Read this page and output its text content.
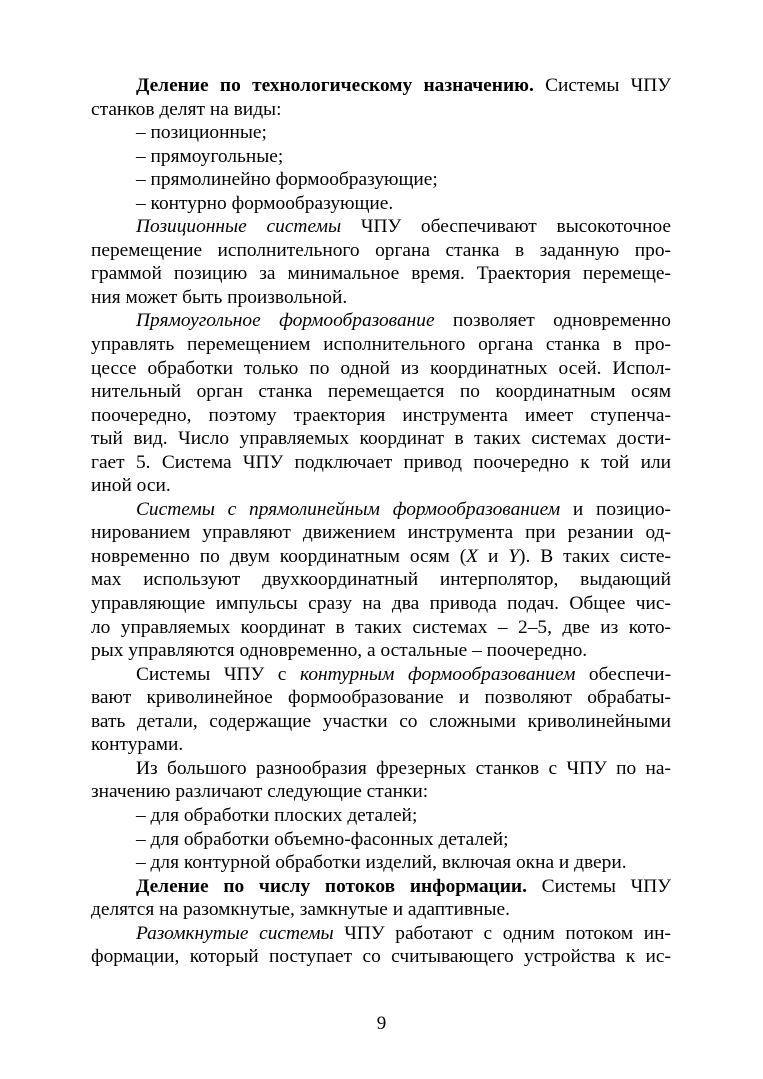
Деление по технологическому назначению. Системы ЧПУ

станков делят на виды:

– позиционные;

– прямоугольные;

– прямолинейно формообразующие;

– контурно формообразующие.

Позиционные системы ЧПУ обеспечивают высокоточное

перемещение исполнительного органа станка в заданную про-

граммой позицию за минимальное время. Траектория перемеще-

ния может быть произвольной.

Прямоугольное формообразование позволяет одновременно

управлять перемещением исполнительного органа станка в про-

цессе обработки только по одной из координатных осей. Испол-

нительный орган станка перемещается по координатным осям

поочередно, поэтому траектория инструмента имеет ступенча-

тый вид. Число управляемых координат в таких системах дости-

гает 5. Система ЧПУ подключает привод поочередно к той или

иной оси.

Системы с прямолинейным формообразованием и позицио-

нированием управляют движением инструмента при резании од-

новременно по двум координатным осям (X и Y). В таких систе-

мах используют двухкоординатный интерполятор, выдающий

управляющие импульсы сразу на два привода подач. Общее чис-

ло управляемых координат в таких системах – 2–5, две из кото-

рых управляются одновременно, а остальные – поочередно.

Системы ЧПУ с контурным формообразованием обеспечи-

вают криволинейное формообразование и позволяют обрабаты-

вать детали, содержащие участки со сложными криволинейными

контурами.

Из большого разнообразия фрезерных станков с ЧПУ по на-

значению различают следующие станки:

– для обработки плоских деталей;

– для обработки объемно-фасонных деталей;

– для контурной обработки изделий, включая окна и двери.

Деление по числу потоков информации. Системы ЧПУ

делятся на разомкнутые, замкнутые и адаптивные.

Разомкнутые системы ЧПУ работают с одним потоком ин-

формации, который поступает со считывающего устройства к ис-

9
